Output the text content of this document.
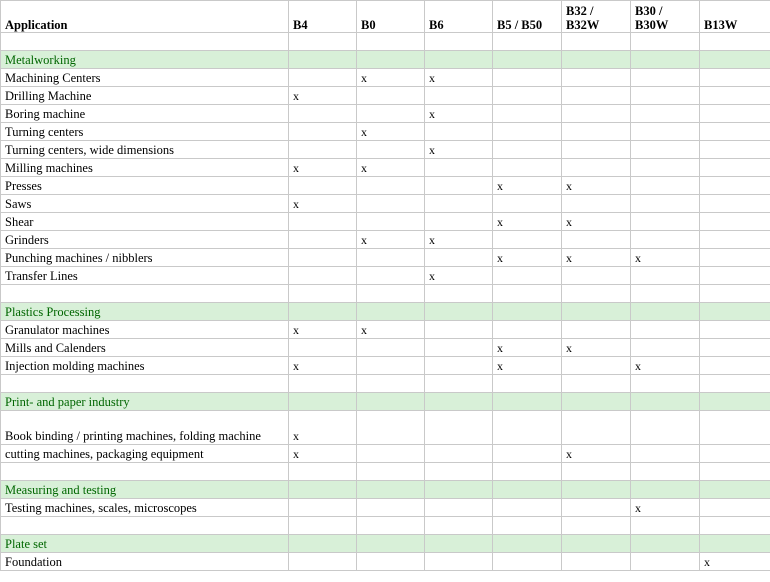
Application	B4	B0	B6	B5 / B50	B32 / B32W	B30 / B30W	B13W

Metalworking							
Machining Centers		x	x				
Drilling Machine	x						
Boring machine			x				
Turning centers		x					
Turning centers, wide dimensions			x				
Milling machines	x	x					
Presses				x	x		
Saws	x						
Shear				x	x		
Grinders		x	x				
Punching machines / nibblers				x	x	x	
Transfer Lines			x				

Plastics Processing							
Granulator machines	x	x					
Mills and Calenders				x	x		
Injection molding machines	x			x		x	

Print- and paper industry							
Book binding / printing machines, folding machine	x						
cutting machines, packaging equipment	x				x		

Measuring and testing							
Testing machines, scales, microscopes						x	

Plate set							
Foundation							x
